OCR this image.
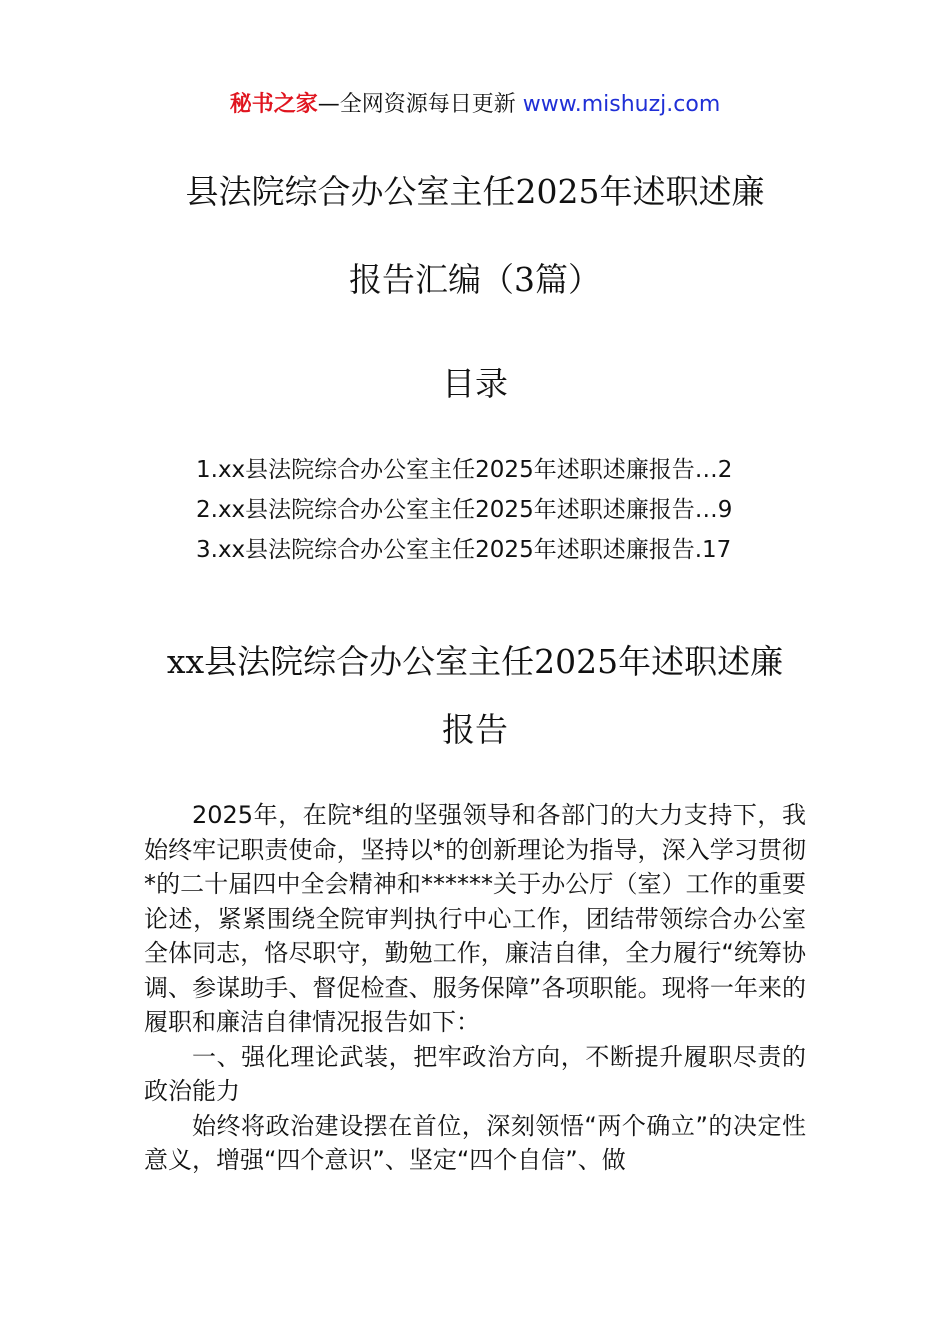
秘书之家—全网资源每日更新 www.mishuzj.com
县法院综合办公室主任2025年述职述廉
报告汇编（3篇）
目录
1.xx县法院综合办公室主任2025年述职述廉报告…2
2.xx县法院综合办公室主任2025年述职述廉报告…9
3.xx县法院综合办公室主任2025年述职述廉报告.17
xx县法院综合办公室主任2025年述职述廉
报告

2025年，在院*组的坚强领导和各部门的大力支持下，我始终牢记职责使命，坚持以*的创新理论为指导，深入学习贯彻*的二十届四中全会精神和******关于办公厅（室）工作的重要论述，紧紧围绕全院审判执行中心工作，团结带领综合办公室全体同志，恪尽职守，勤勉工作，廉洁自律，全力履行“统筹协调、参谋助手、督促检查、服务保障”各项职能。现将一年来的履职和廉洁自律情况报告如下：

一、强化理论武装，把牢政治方向，不断提升履职尽责的政治能力

始终将政治建设摆在首位，深刻领悟“两个确立”的决定性意义，增强“四个意识”、坚定“四个自信”、做
